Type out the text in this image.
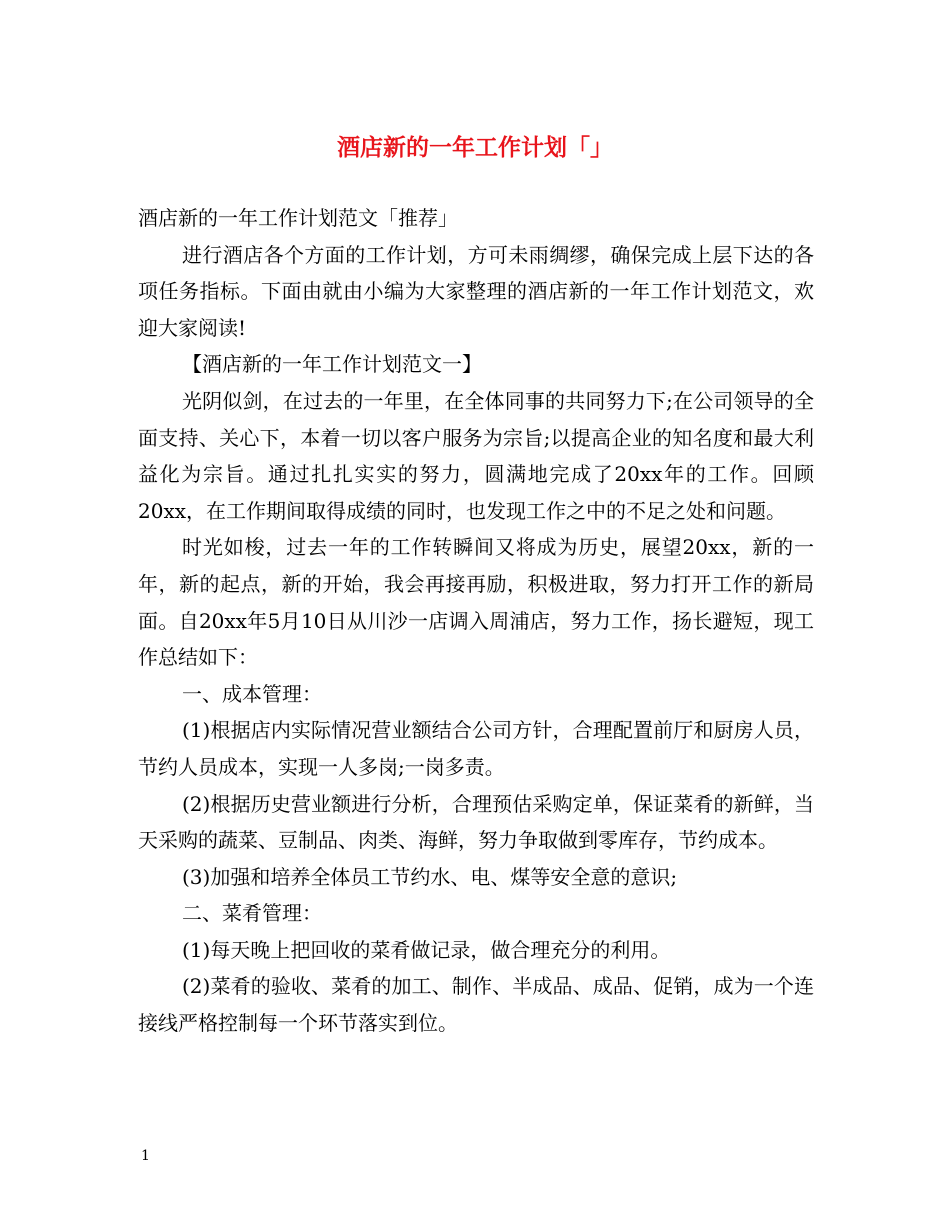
酒店新的一年工作计划「」

酒店新的一年工作计划范文「推荐」

进行酒店各个方面的工作计划，方可未雨绸缪，确保完成上层下达的各项任务指标。下面由就由小编为大家整理的酒店新的一年工作计划范文，欢迎大家阅读!

【酒店新的一年工作计划范文一】

光阴似剑，在过去的一年里，在全体同事的共同努力下;在公司领导的全面支持、关心下，本着一切以客户服务为宗旨;以提高企业的知名度和最大利益化为宗旨。通过扎扎实实的努力，圆满地完成了20xx年的工作。回顾20xx，在工作期间取得成绩的同时，也发现工作之中的不足之处和问题。

时光如梭，过去一年的工作转瞬间又将成为历史，展望20xx，新的一年，新的起点，新的开始，我会再接再励，积极进取，努力打开工作的新局面。自20xx年5月10日从川沙一店调入周浦店，努力工作，扬长避短，现工作总结如下：

一、成本管理：

(1)根据店内实际情况营业额结合公司方针，合理配置前厅和厨房人员，节约人员成本，实现一人多岗;一岗多责。

(2)根据历史营业额进行分析，合理预估采购定单，保证菜肴的新鲜，当天采购的蔬菜、豆制品、肉类、海鲜，努力争取做到零库存，节约成本。

(3)加强和培养全体员工节约水、电、煤等安全意的意识;

二、菜肴管理：

(1)每天晚上把回收的菜肴做记录，做合理充分的利用。

(2)菜肴的验收、菜肴的加工、制作、半成品、成品、促销，成为一个连接线严格控制每一个环节落实到位。

1
